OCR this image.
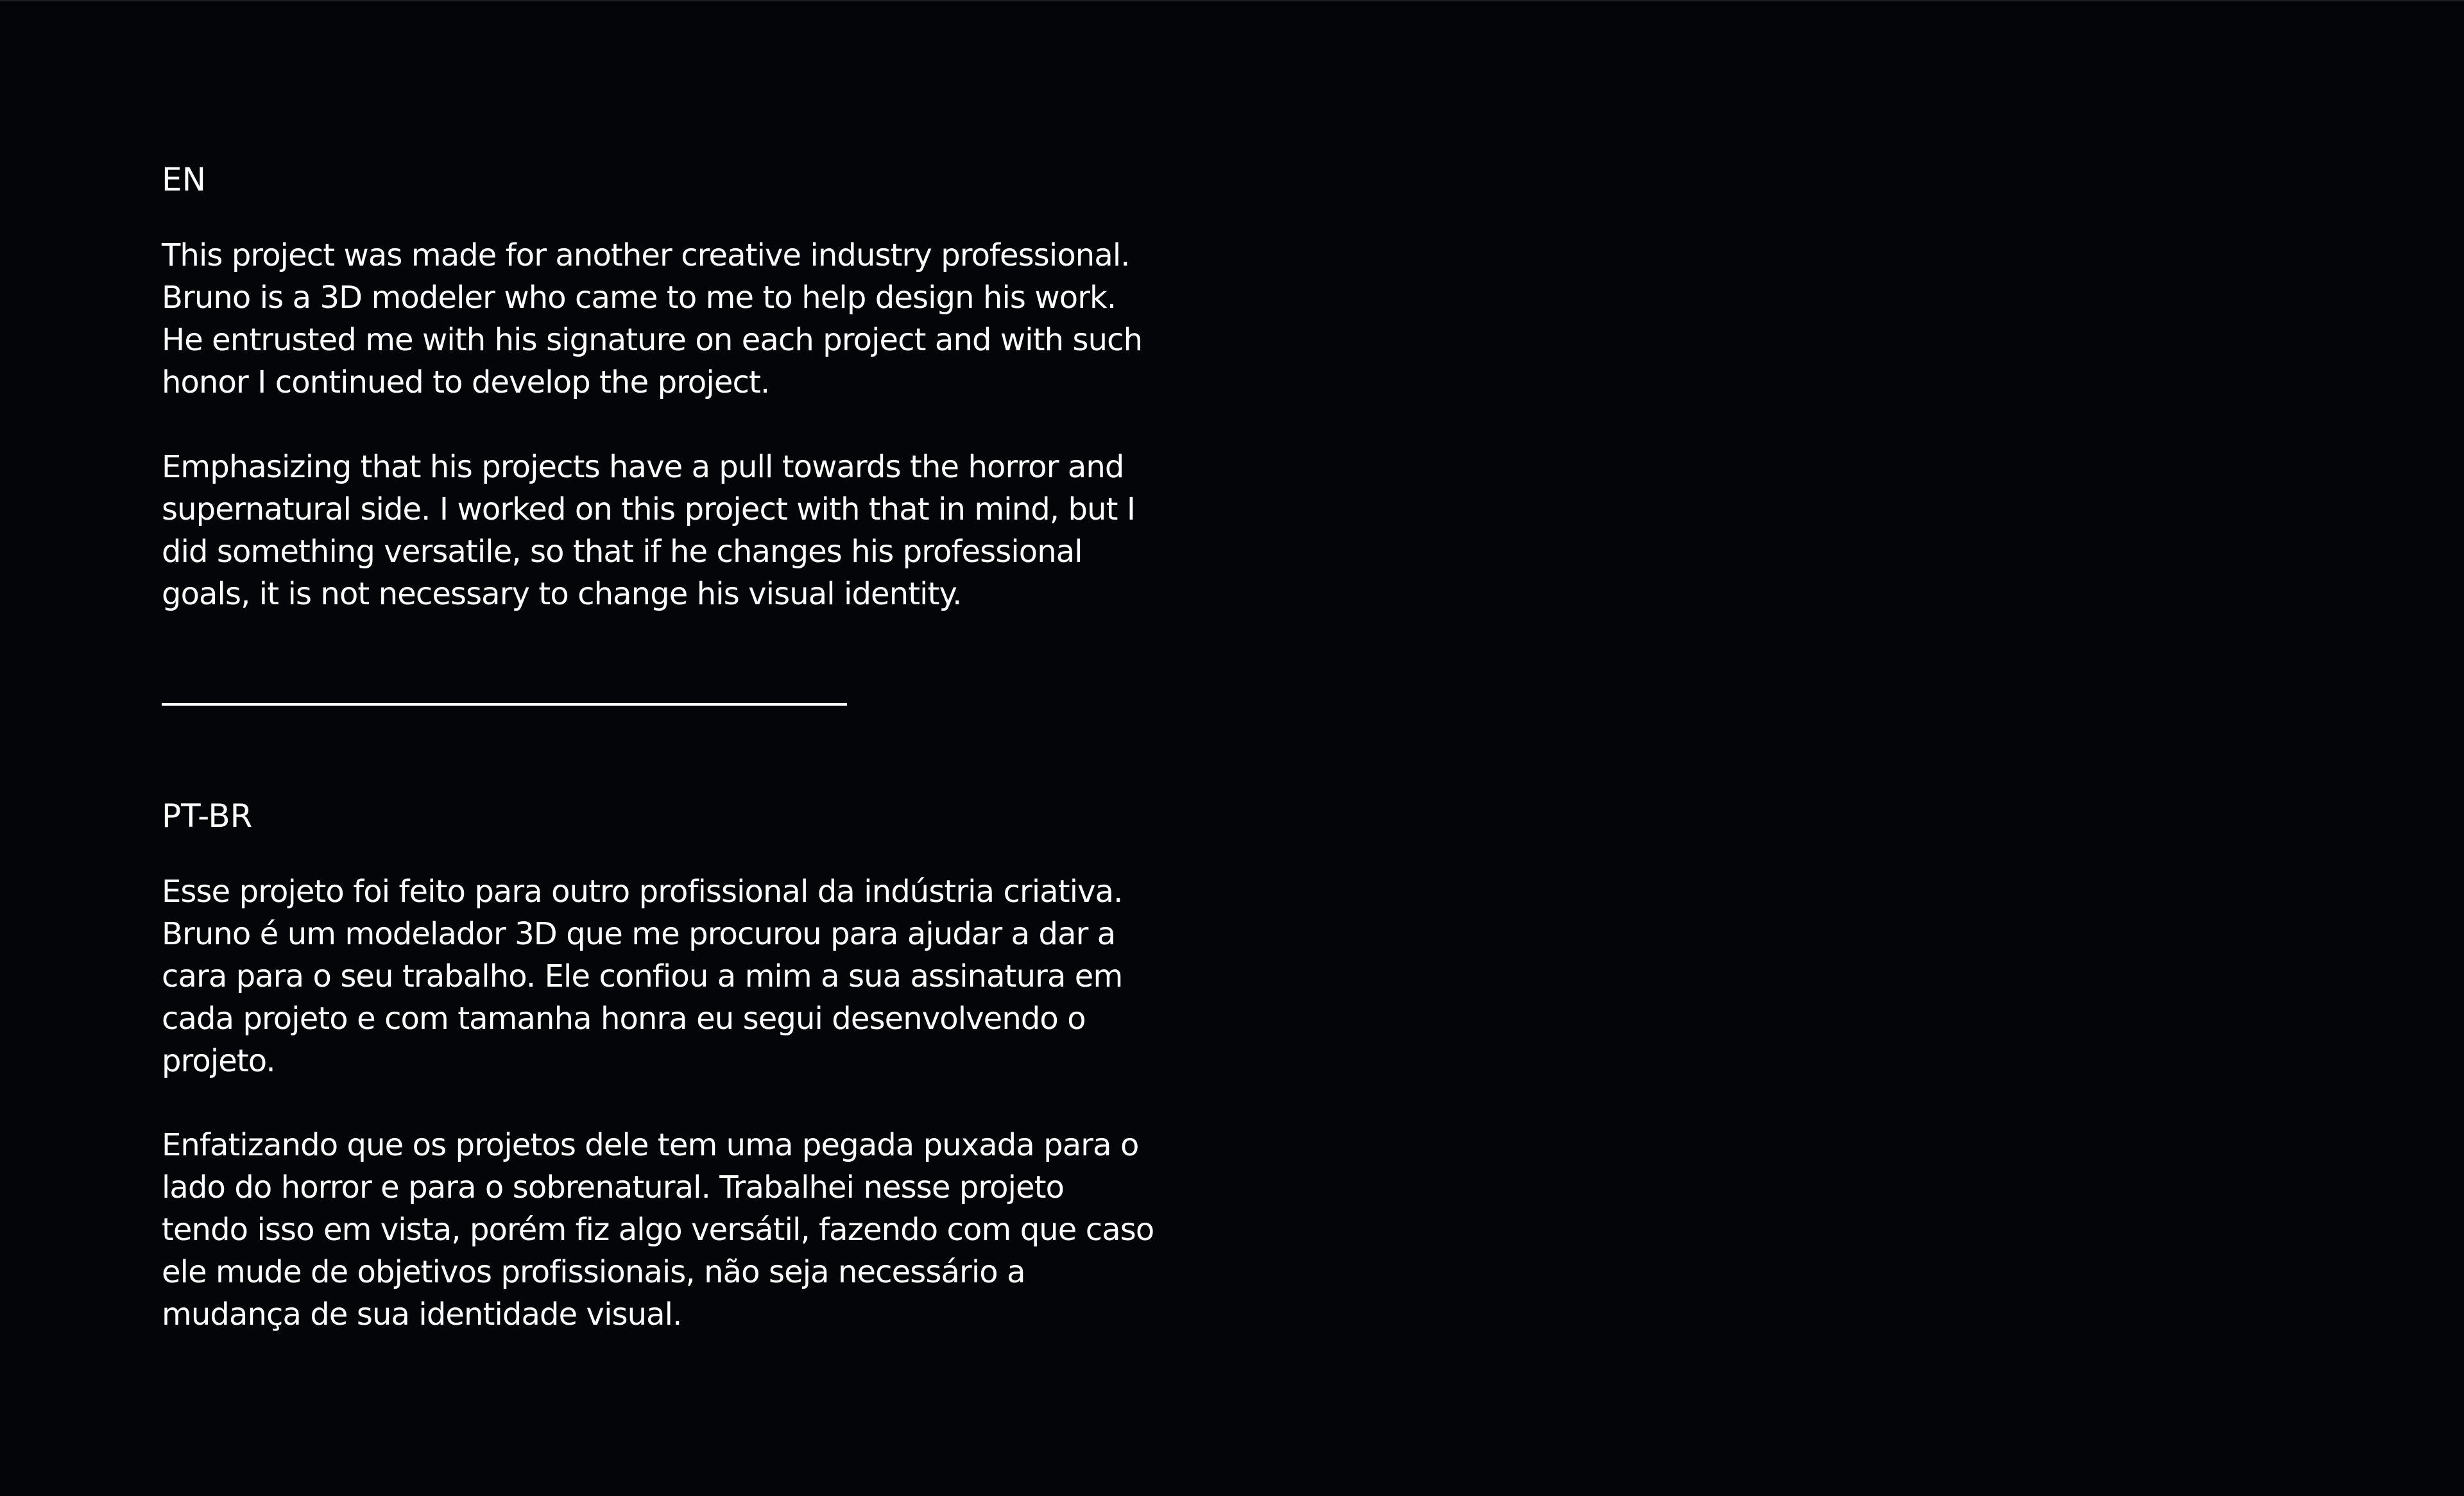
EN
This project was made for another creative industry professional.
Bruno is a 3D modeler who came to me to help design his work.
He entrusted me with his signature on each project and with such
honor I continued to develop the project.
Emphasizing that his projects have a pull towards the horror and
supernatural side. I worked on this project with that in mind, but I
did something versatile, so that if he changes his professional
goals, it is not necessary to change his visual identity.
PT-BR
Esse projeto foi feito para outro profissional da indústria criativa.
Bruno é um modelador 3D que me procurou para ajudar a dar a
cara para o seu trabalho. Ele confiou a mim a sua assinatura em
cada projeto e com tamanha honra eu segui desenvolvendo o
projeto.
Enfatizando que os projetos dele tem uma pegada puxada para o
lado do horror e para o sobrenatural. Trabalhei nesse projeto
tendo isso em vista, porém fiz algo versátil, fazendo com que caso
ele mude de objetivos profissionais, não seja necessário a
mudança de sua identidade visual.
